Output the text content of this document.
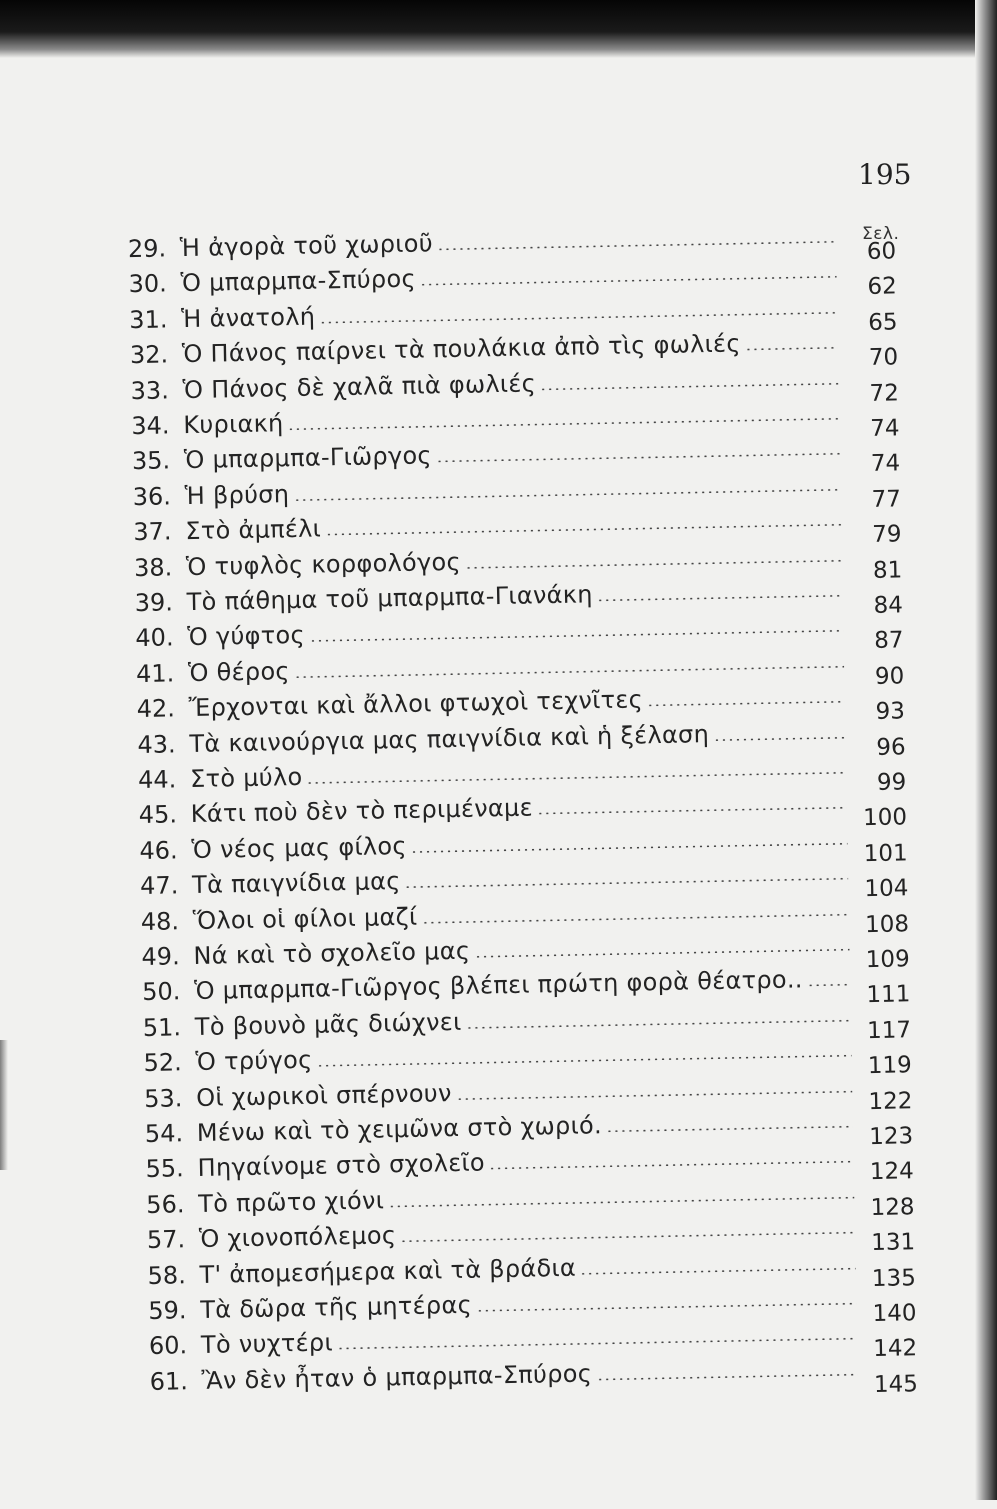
195
Σελ.
29. Ἡ ἀγορὰ τοῦ χωριοῦ	60
30. Ὁ μπαρμπα-Σπύρος	62
31. Ἡ ἀνατολή	65
32. Ὁ Πάνος παίρνει τὰ πουλάκια ἀπὸ τὶς φωλιές	70
33. Ὁ Πάνος δὲ χαλᾶ πιὰ φωλιές	72
34. Κυριακή	74
35. Ὁ μπαρμπα-Γιῶργος	74
36. Ἡ βρύση	77
37. Στὸ ἀμπέλι	79
38. Ὁ τυφλὸς κορφολόγος	81
39. Τὸ πάθημα τοῦ μπαρμπα-Γιανάκη	84
40. Ὁ γύφτος	87
41. Ὁ θέρος	90
42. Ἔρχονται καὶ ἄλλοι φτωχοὶ τεχνῖτες	93
43. Τὰ καινούργια μας παιγνίδια καὶ ἡ ξέλαση	96
44. Στὸ μύλο	99
45. Κάτι ποὺ δὲν τὸ περιμέναμε	100
46. Ὁ νέος μας φίλος	101
47. Τὰ παιγνίδια μας	104
48. Ὅλοι οἱ φίλοι μαζί	108
49. Νά καὶ τὸ σχολεῖο μας	109
50. Ὁ μπαρμπα-Γιῶργος βλέπει πρώτη φορὰ θέατρο..	111
51. Τὸ βουνὸ μᾶς διώχνει	117
52. Ὁ τρύγος	119
53. Οἱ χωρικοὶ σπέρνουν	122
54. Μένω καὶ τὸ χειμῶνα στὸ χωριό.	123
55. Πηγαίνομε στὸ σχολεῖο	124
56. Τὸ πρῶτο χιόνι	128
57. Ὁ χιονοπόλεμος	131
58. Τ' ἀπομεσήμερα καὶ τὰ βράδια	135
59. Τὰ δῶρα τῆς μητέρας	140
60. Τὸ νυχτέρι	142
61. Ἂν δὲν ἦταν ὁ μπαρμπα-Σπύρος	145
